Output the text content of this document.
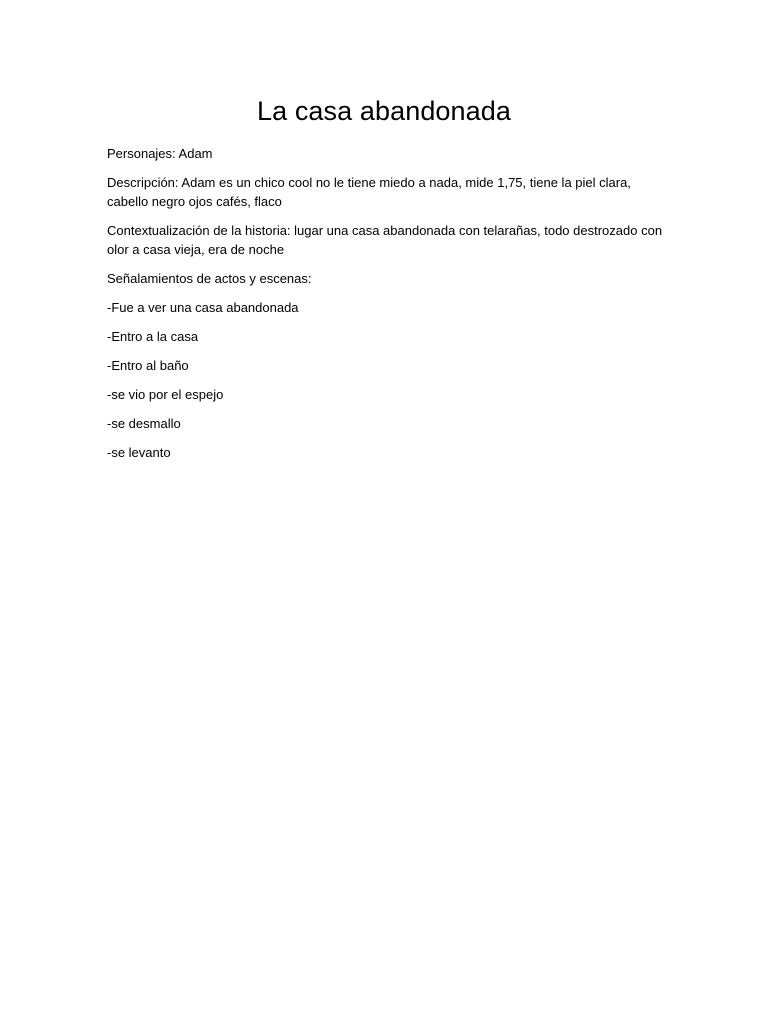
La casa abandonada

Personajes: Adam

Descripción: Adam es un chico cool no le tiene miedo a nada, mide 1,75, tiene la piel clara, cabello negro ojos cafés, flaco

Contextualización de la historia: lugar una casa abandonada con telarañas, todo destrozado con olor a casa vieja, era de noche

Señalamientos de actos y escenas:

-Fue a ver una casa abandonada

-Entro a la casa

-Entro al baño

-se vio por el espejo

-se desmallo

-se levanto
